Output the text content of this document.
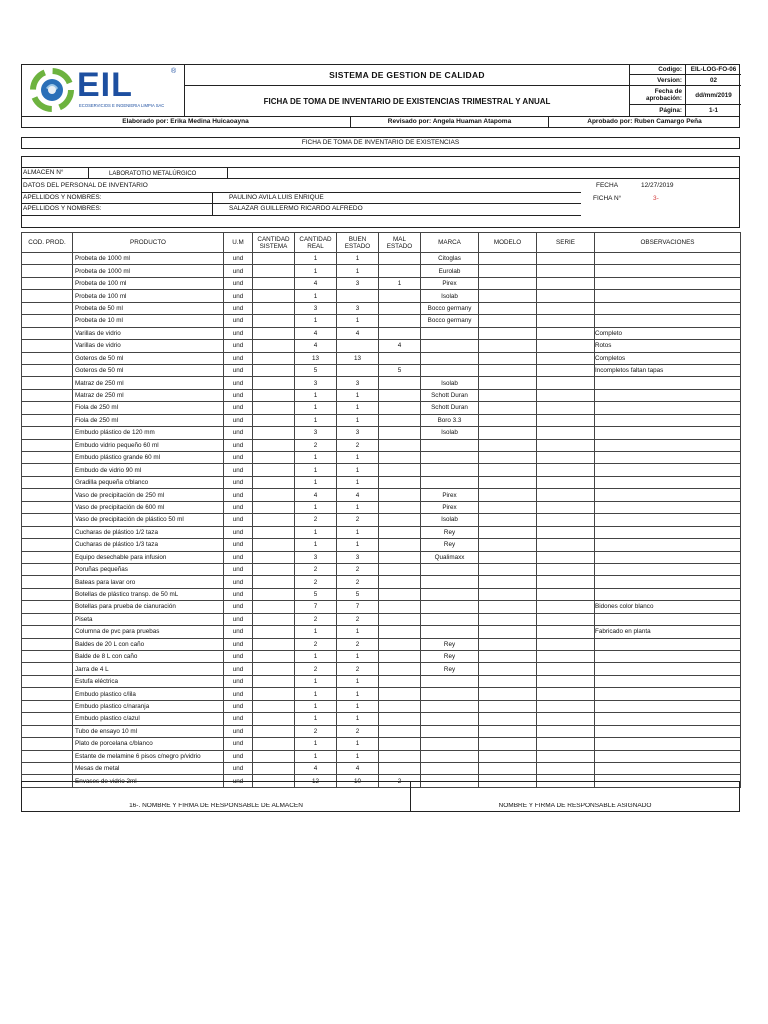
EIL	®
ECOSERVICIOS E INGENIERIA LIMPIA SAC
SISTEMA DE GESTION DE CALIDAD
FICHA DE TOMA DE INVENTARIO DE EXISTENCIAS TRIMESTRAL Y ANUAL
Codigo:	EIL-LOG-FO-06
Version:	02
Fecha de aprobación:	dd/mm/2019
Página:	1-1
Elaborado por: Erika Medina Huicaoayna	Revisado por: Angela Huaman Atapoma	Aprobado por: Ruben Camargo Peña
FICHA DE TOMA DE INVENTARIO DE EXISTENCIAS
ALMACEN N°	LABORATOTIO METALÚRGICO
DATOS DEL PERSONAL DE INVENTARIO	FECHA	12/27/2019
APELLIDOS Y NOMBRES:	PAULINO AVILA LUIS ENRIQUE	FICHA N°	3-
APELLIDOS Y NOMBRES:	SALAZAR GUILLERMO RICARDO ALFREDO
COD. PROD.	PRODUCTO	U.M	CANTIDAD SISTEMA	CANTIDAD REAL	BUEN ESTADO	MAL ESTADO	MARCA	MODELO	SERIE	OBSERVACIONES
	Probeta de 1000 ml	und		1	1		Citoglas			
	Probeta de 1000 ml	und		1	1		Eurolab			
	Probeta de 100 ml	und		4	3	1	Pirex			
	Probeta de 100 ml	und		1			Isolab			
	Probeta de 50 ml	und		3	3		Bocco germany			
	Probeta de 10 ml	und		1	1		Bocco germany			
	Varillas de vidrio	und		4	4					Completo
	Varillas de vidrio	und		4		4				Rotos
	Goteros de 50 ml	und		13	13					Completos
	Goteros de 50 ml	und		5		5				Incompletos faltan tapas
	Matraz de 250 ml	und		3	3		Isolab			
	Matraz de 250 ml	und		1	1		Schott Duran			
	Fiola de 250 ml	und		1	1		Schott Duran			
	Fiola de 250 ml	und		1	1		Boro 3.3			
	Embudo plástico de 120 mm	und		3	3		Isolab			
	Embudo vidrio pequeño 60 ml	und		2	2					
	Embudo plástico grande 60 ml	und		1	1					
	Embudo de vidrio 90 ml	und		1	1					
	Gradilla pequeña c/blanco	und		1	1					
	Vaso de precipitación de 250 ml	und		4	4		Pirex			
	Vaso de precipitación de 600 ml	und		1	1		Pirex			
	Vaso de precipitación de plástico 50 ml	und		2	2		Isolab			
	Cucharas de plástico 1/2 taza	und		1	1		Rey			
	Cucharas de plástico 1/3 taza	und		1	1		Rey			
	Equipo desechable para infusion	und		3	3		Qualimaxx			
	Poruñas pequeñas	und		2	2					
	Bateas para lavar oro	und		2	2					
	Botellas de plástico transp. de 50 mL	und		5	5					
	Botellas para prueba de cianuración	und		7	7					Bidones color blanco
	Piseta	und		2	2					
	Columna de pvc para pruebas	und		1	1					Fabricado en planta
	Baldes de 20 L con caño	und		2	2		Rey			
	Balde de 8 L con caño	und		1	1		Rey			
	Jarra de 4 L	und		2	2		Rey			
	Estufa eléctrica	und		1	1					
	Embudo plastico c/lila	und		1	1					
	Embudo plastico c/naranja	und		1	1					
	Embudo plastico c/azul	und		1	1					
	Tubo de ensayo 10 ml	und		2	2					
	Plato de porcelana c/blanco	und		1	1					
	Estante de melamine 6 pisos c/negro p/vidrio	und		1	1					
	Mesas de metal	und		4	4					
	Envases de vidrio 2ml	und		12	10	2				
16-. NOMBRE Y FIRMA DE RESPONSABLE DE ALMACEN	NOMBRE Y FIRMA DE RESPONSABLE ASIGNADO
